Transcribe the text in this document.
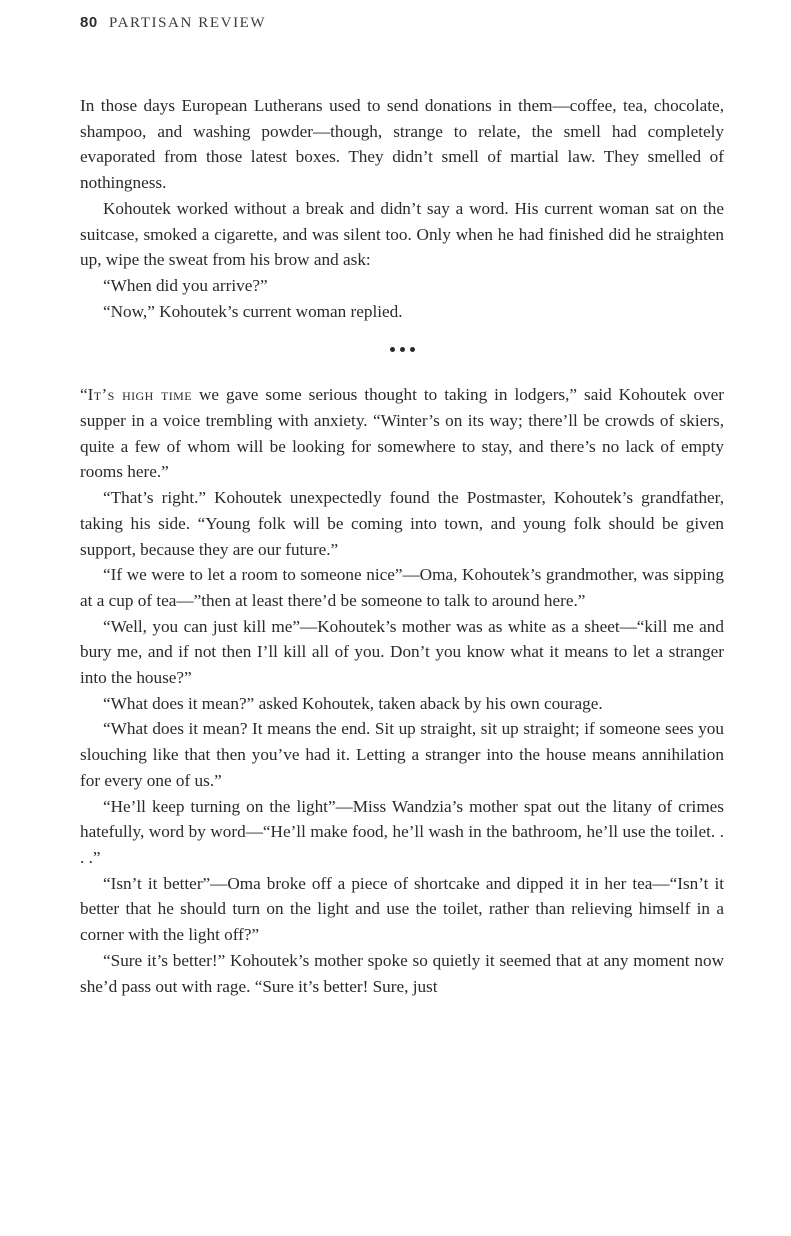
80 PARTISAN REVIEW

In those days European Lutherans used to send donations in them—coffee, tea, chocolate, shampoo, and washing powder—though, strange to relate, the smell had completely evaporated from those latest boxes. They didn’t smell of martial law. They smelled of nothingness.

Kohoutek worked without a break and didn’t say a word. His current woman sat on the suitcase, smoked a cigarette, and was silent too. Only when he had finished did he straighten up, wipe the sweat from his brow and ask:

“When did you arrive?”

“Now,” Kohoutek’s current woman replied.

“It’s high time we gave some serious thought to taking in lodgers,” said Kohoutek over supper in a voice trembling with anxiety. “Winter’s on its way; there’ll be crowds of skiers, quite a few of whom will be looking for somewhere to stay, and there’s no lack of empty rooms here.”

“That’s right.” Kohoutek unexpectedly found the Postmaster, Kohoutek’s grandfather, taking his side. “Young folk will be coming into town, and young folk should be given support, because they are our future.”

“If we were to let a room to someone nice”—Oma, Kohoutek’s grandmother, was sipping at a cup of tea—”then at least there’d be someone to talk to around here.”

“Well, you can just kill me”—Kohoutek’s mother was as white as a sheet—“kill me and bury me, and if not then I’ll kill all of you. Don’t you know what it means to let a stranger into the house?”

“What does it mean?” asked Kohoutek, taken aback by his own courage.

“What does it mean? It means the end. Sit up straight, sit up straight; if someone sees you slouching like that then you’ve had it. Letting a stranger into the house means annihilation for every one of us.”

“He’ll keep turning on the light”—Miss Wandzia’s mother spat out the litany of crimes hatefully, word by word—“He’ll make food, he’ll wash in the bathroom, he’ll use the toilet. . . .”

“Isn’t it better”—Oma broke off a piece of shortcake and dipped it in her tea—“Isn’t it better that he should turn on the light and use the toilet, rather than relieving himself in a corner with the light off?”

“Sure it’s better!” Kohoutek’s mother spoke so quietly it seemed that at any moment now she’d pass out with rage. “Sure it’s better! Sure, just
